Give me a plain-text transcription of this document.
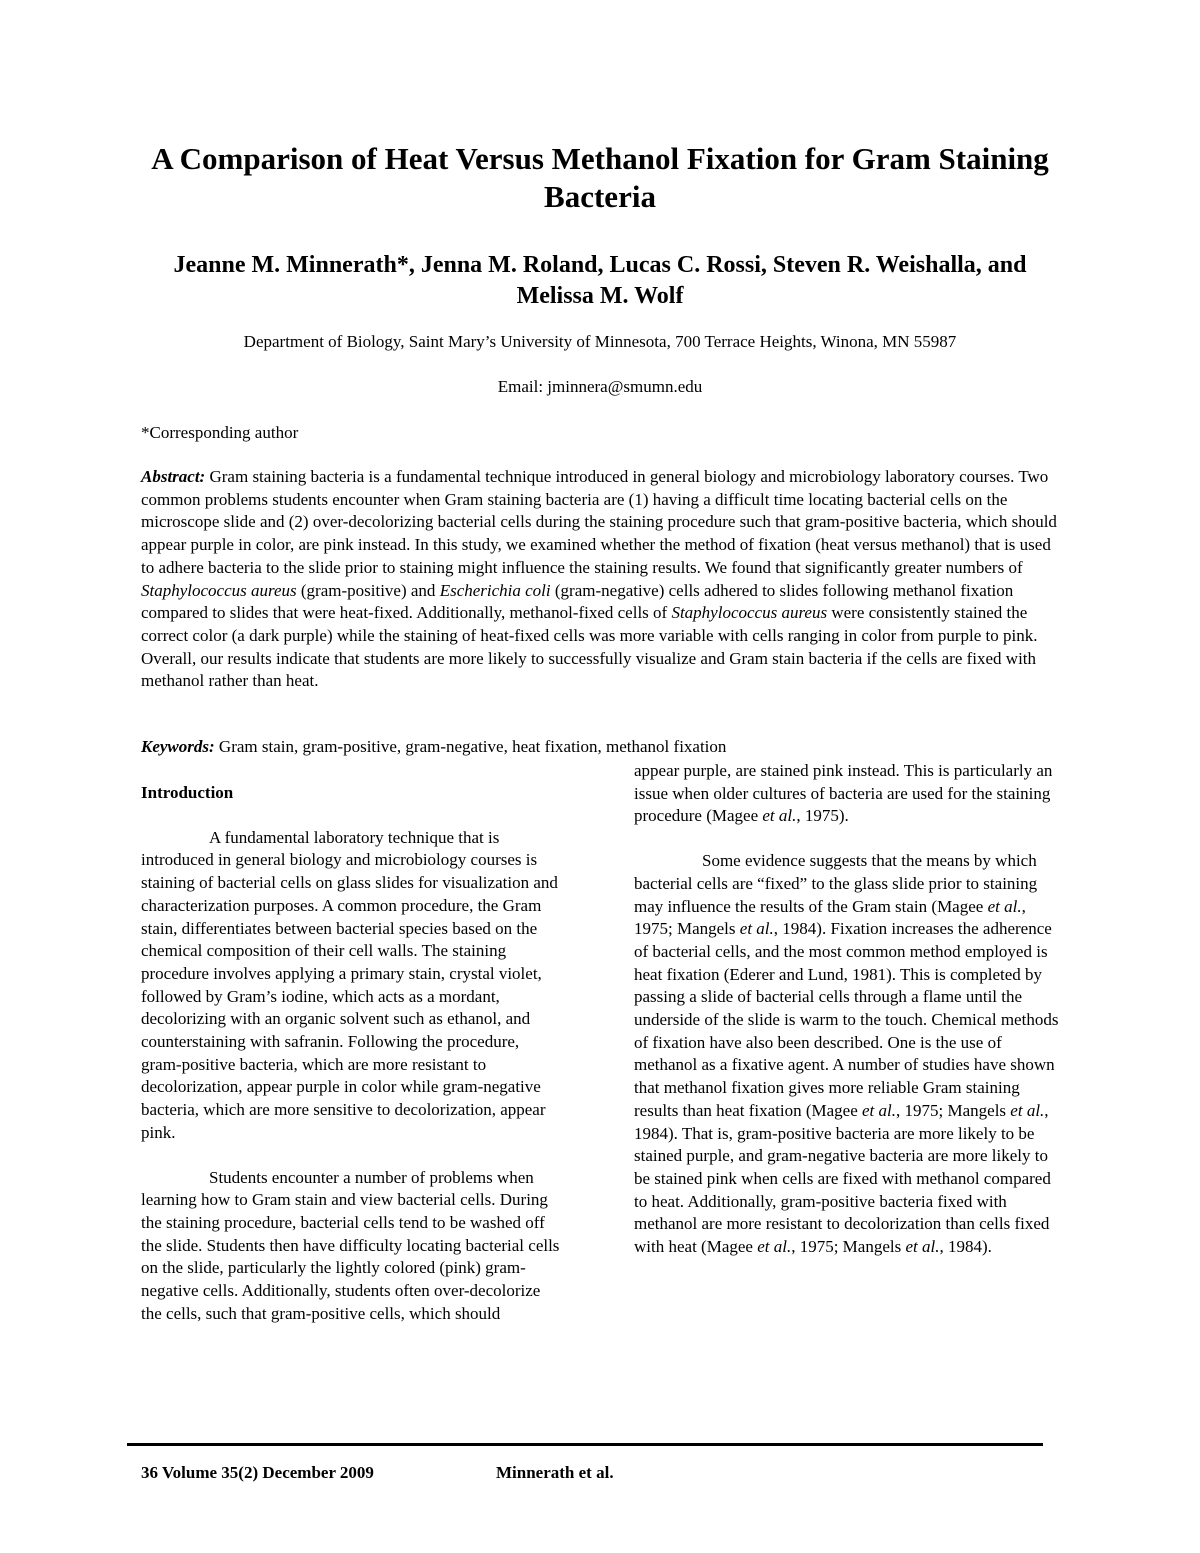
A Comparison of Heat Versus Methanol Fixation for Gram Staining Bacteria
Jeanne M. Minnerath*, Jenna M. Roland, Lucas C. Rossi, Steven R. Weishalla, and Melissa M. Wolf

Department of Biology, Saint Mary’s University of Minnesota, 700 Terrace Heights, Winona, MN 55987

Email: jminnera@smumn.edu

*Corresponding author

Abstract: Gram staining bacteria is a fundamental technique introduced in general biology and microbiology laboratory courses. Two common problems students encounter when Gram staining bacteria are (1) having a difficult time locating bacterial cells on the microscope slide and (2) over-decolorizing bacterial cells during the staining procedure such that gram-positive bacteria, which should appear purple in color, are pink instead. In this study, we examined whether the method of fixation (heat versus methanol) that is used to adhere bacteria to the slide prior to staining might influence the staining results. We found that significantly greater numbers of Staphylococcus aureus (gram-positive) and Escherichia coli (gram-negative) cells adhered to slides following methanol fixation compared to slides that were heat-fixed. Additionally, methanol-fixed cells of Staphylococcus aureus were consistently stained the correct color (a dark purple) while the staining of heat-fixed cells was more variable with cells ranging in color from purple to pink. Overall, our results indicate that students are more likely to successfully visualize and Gram stain bacteria if the cells are fixed with methanol rather than heat.

Keywords: Gram stain, gram-positive, gram-negative, heat fixation, methanol fixation

Introduction

A fundamental laboratory technique that is introduced in general biology and microbiology courses is staining of bacterial cells on glass slides for visualization and characterization purposes. A common procedure, the Gram stain, differentiates between bacterial species based on the chemical composition of their cell walls. The staining procedure involves applying a primary stain, crystal violet, followed by Gram’s iodine, which acts as a mordant, decolorizing with an organic solvent such as ethanol, and counterstaining with safranin. Following the procedure, gram-positive bacteria, which are more resistant to decolorization, appear purple in color while gram-negative bacteria, which are more sensitive to decolorization, appear pink.

Students encounter a number of problems when learning how to Gram stain and view bacterial cells. During the staining procedure, bacterial cells tend to be washed off the slide. Students then have difficulty locating bacterial cells on the slide, particularly the lightly colored (pink) gram-negative cells. Additionally, students often over-decolorize the cells, such that gram-positive cells, which should

appear purple, are stained pink instead. This is particularly an issue when older cultures of bacteria are used for the staining procedure (Magee et al., 1975).

Some evidence suggests that the means by which bacterial cells are “fixed” to the glass slide prior to staining may influence the results of the Gram stain (Magee et al., 1975; Mangels et al., 1984). Fixation increases the adherence of bacterial cells, and the most common method employed is heat fixation (Ederer and Lund, 1981). This is completed by passing a slide of bacterial cells through a flame until the underside of the slide is warm to the touch. Chemical methods of fixation have also been described. One is the use of methanol as a fixative agent. A number of studies have shown that methanol fixation gives more reliable Gram staining results than heat fixation (Magee et al., 1975; Mangels et al., 1984). That is, gram-positive bacteria are more likely to be stained purple, and gram-negative bacteria are more likely to be stained pink when cells are fixed with methanol compared to heat. Additionally, gram-positive bacteria fixed with methanol are more resistant to decolorization than cells fixed with heat (Magee et al., 1975; Mangels et al., 1984).

36 Volume 35(2) December 2009	Minnerath et al.
